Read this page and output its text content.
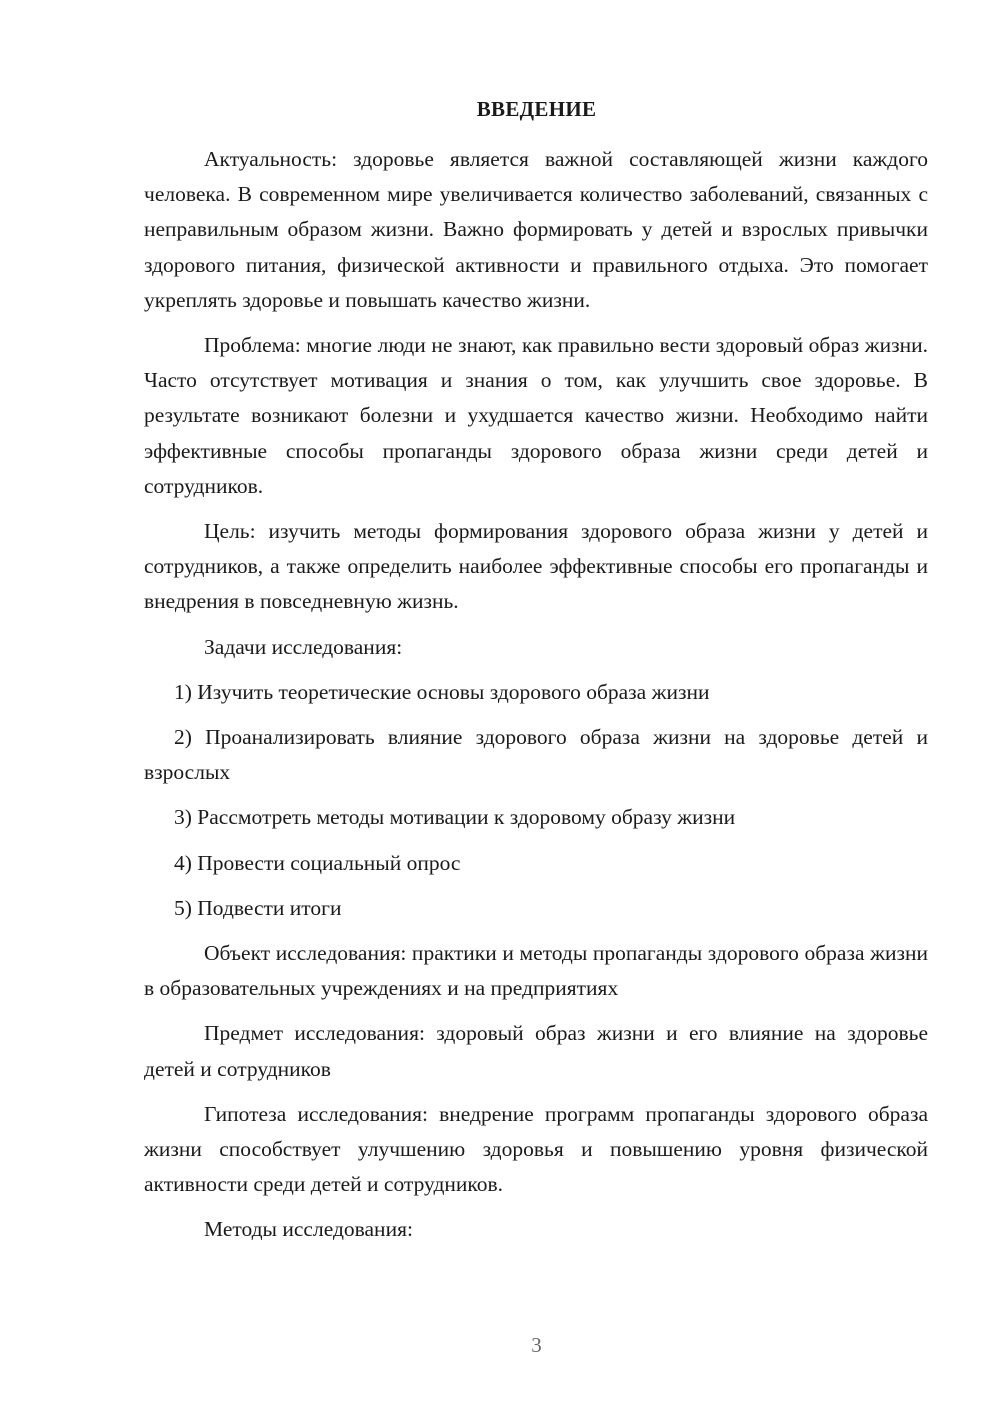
ВВЕДЕНИЕ

Актуальность: здоровье является важной составляющей жизни каждого человека. В современном мире увеличивается количество заболеваний, связанных с неправильным образом жизни. Важно формировать у детей и взрослых привычки здорового питания, физической активности и правильного отдыха. Это помогает укреплять здоровье и повышать качество жизни.

Проблема: многие люди не знают, как правильно вести здоровый образ жизни. Часто отсутствует мотивация и знания о том, как улучшить свое здоровье. В результате возникают болезни и ухудшается качество жизни. Необходимо найти эффективные способы пропаганды здорового образа жизни среди детей и сотрудников.

Цель: изучить методы формирования здорового образа жизни у детей и сотрудников, а также определить наиболее эффективные способы его пропаганды и внедрения в повседневную жизнь.

Задачи исследования:

1) Изучить теоретические основы здорового образа жизни

2) Проанализировать влияние здорового образа жизни на здоровье детей и взрослых

3) Рассмотреть методы мотивации к здоровому образу жизни

4) Провести социальный опрос

5) Подвести итоги

Объект исследования: практики и методы пропаганды здорового образа жизни в образовательных учреждениях и на предприятиях

Предмет исследования: здоровый образ жизни и его влияние на здоровье детей и сотрудников

Гипотеза исследования: внедрение программ пропаганды здорового образа жизни способствует улучшению здоровья и повышению уровня физической активности среди детей и сотрудников.

Методы исследования:

3
